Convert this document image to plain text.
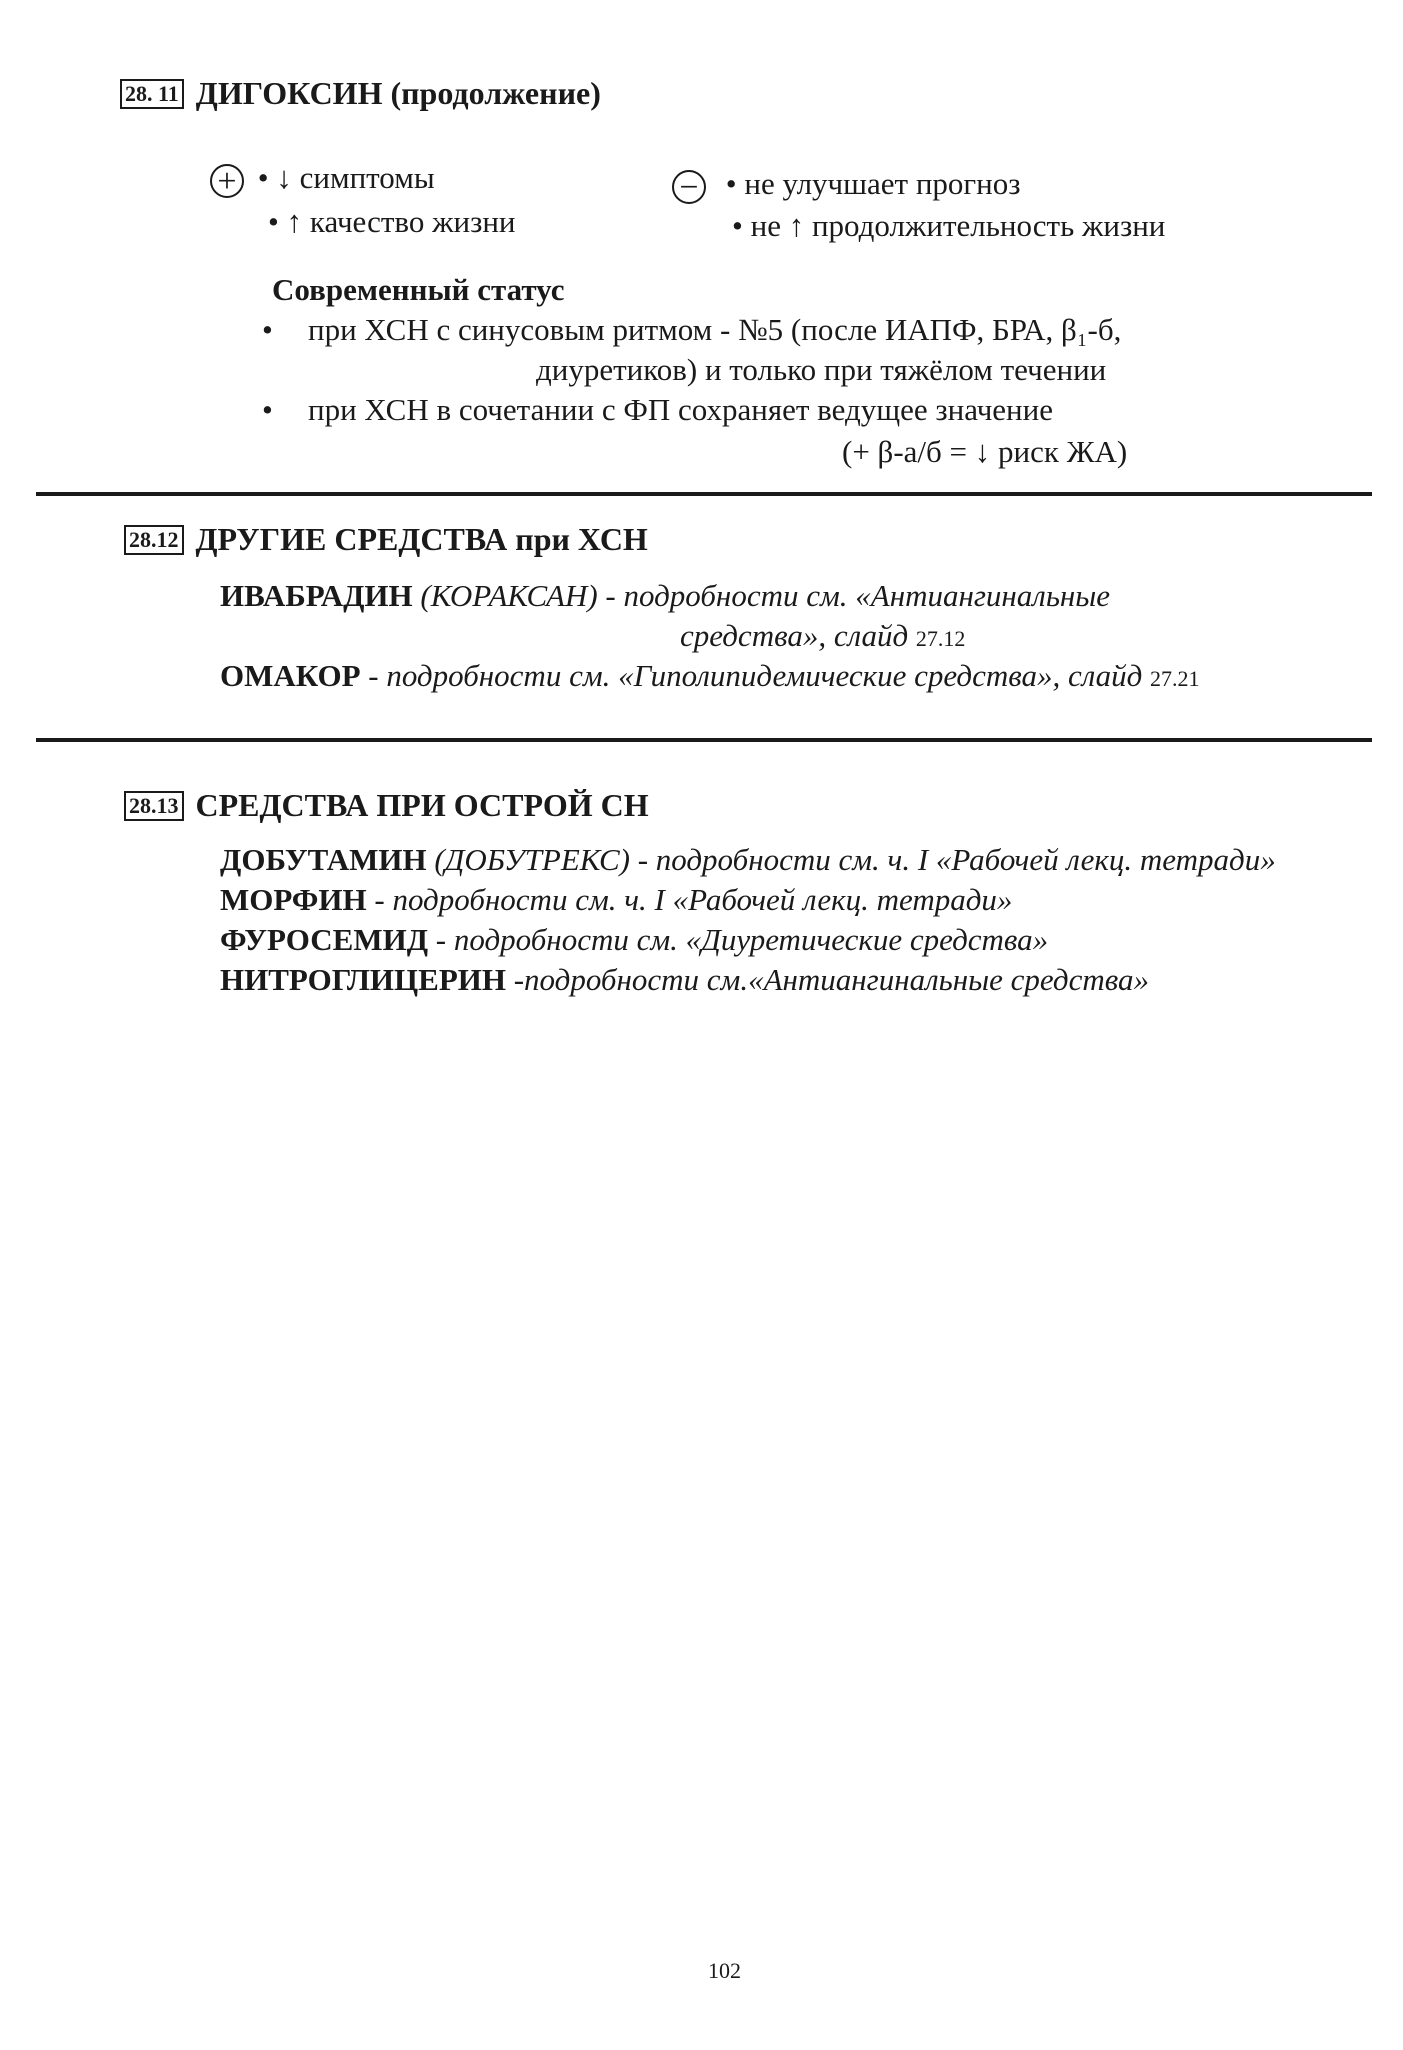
28. 11 ДИГОКСИН (продолжение)
+ • ↓ симптомы
• ↑ качество жизни
− • не улучшает прогноз
• не ↑ продолжительность жизни
Современный статус
• при ХСН с синусовым ритмом - №5 (после ИАПФ, БРА, β₁-б,
диуретиков) и только при тяжёлом течении
• при ХСН в сочетании с ФП сохраняет ведущее значение
(+ β-а/б = ↓ риск ЖА)
28.12 ДРУГИЕ СРЕДСТВА при ХСН
ИВАБРАДИН (КОРАКСАН) - подробности см. «Антиангинальные
средства», слайд 27.12
ОМАКОР - подробности см. «Гиполипидемические средства», слайд 27.21
28.13 СРЕДСТВА ПРИ ОСТРОЙ СН
ДОБУТАМИН (ДОБУТРЕКС) - подробности см. ч. I «Рабочей лекц. тетради»
МОРФИН - подробности см. ч. I «Рабочей лекц. тетради»
ФУРОСЕМИД - подробности см. «Диуретические средства»
НИТРОГЛИЦЕРИН -подробности см.«Антиангинальные средства»
102
